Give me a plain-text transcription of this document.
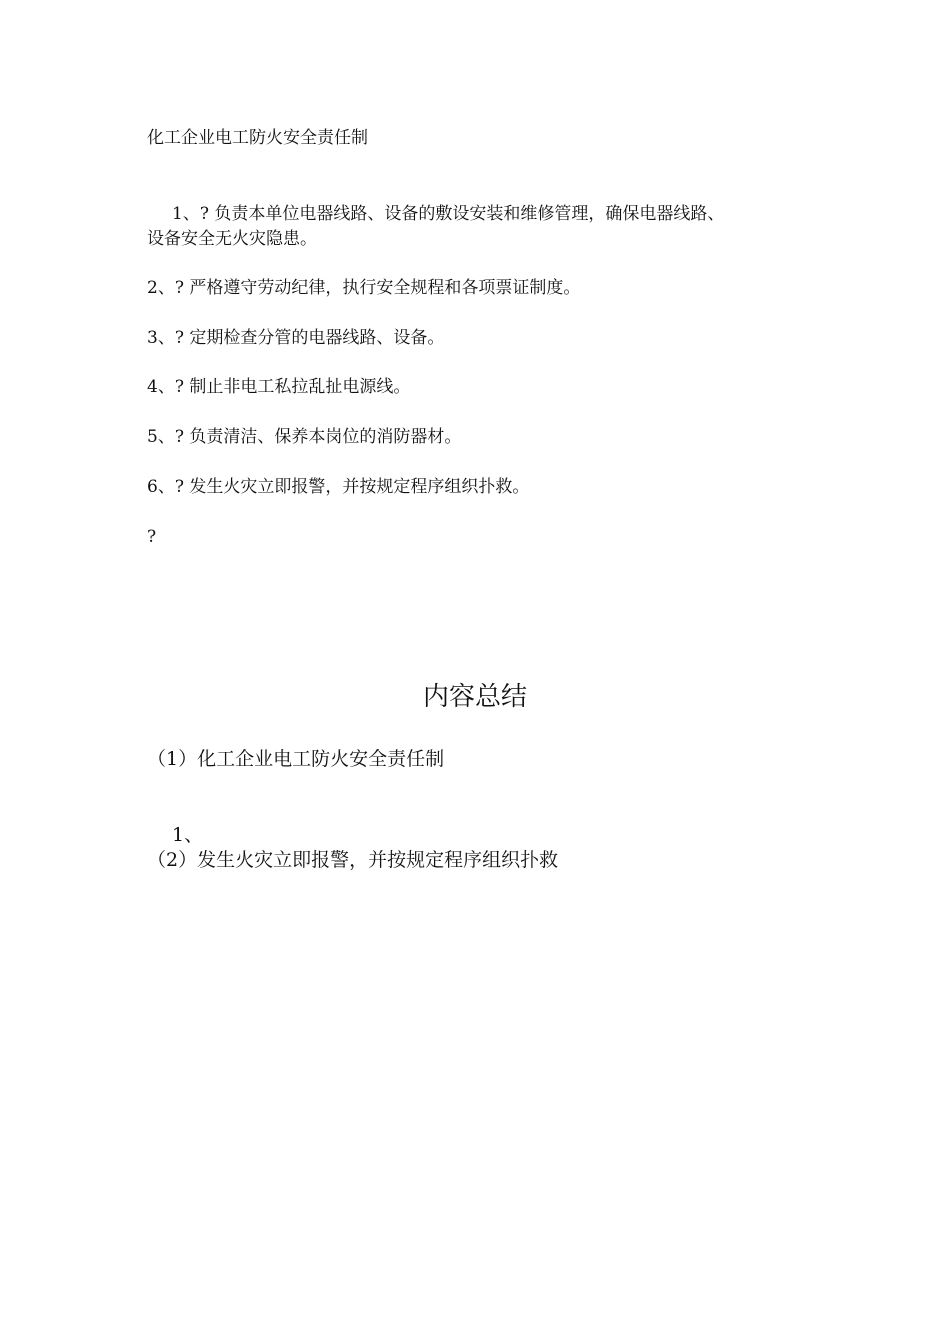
化工企业电工防火安全责任制

1、? 负责本单位电器线路、设备的敷设安装和维修管理，确保电器线路、

设备安全无火灾隐患。

2、? 严格遵守劳动纪律，执行安全规程和各项票证制度。

3、? 定期检查分管的电器线路、设备。

4、? 制止非电工私拉乱扯电源线。

5、? 负责清洁、保养本岗位的消防器材。

6、? 发生火灾立即报警，并按规定程序组织扑救。

?

内容总结

（1）化工企业电工防火安全责任制

1、

（2）发生火灾立即报警，并按规定程序组织扑救
